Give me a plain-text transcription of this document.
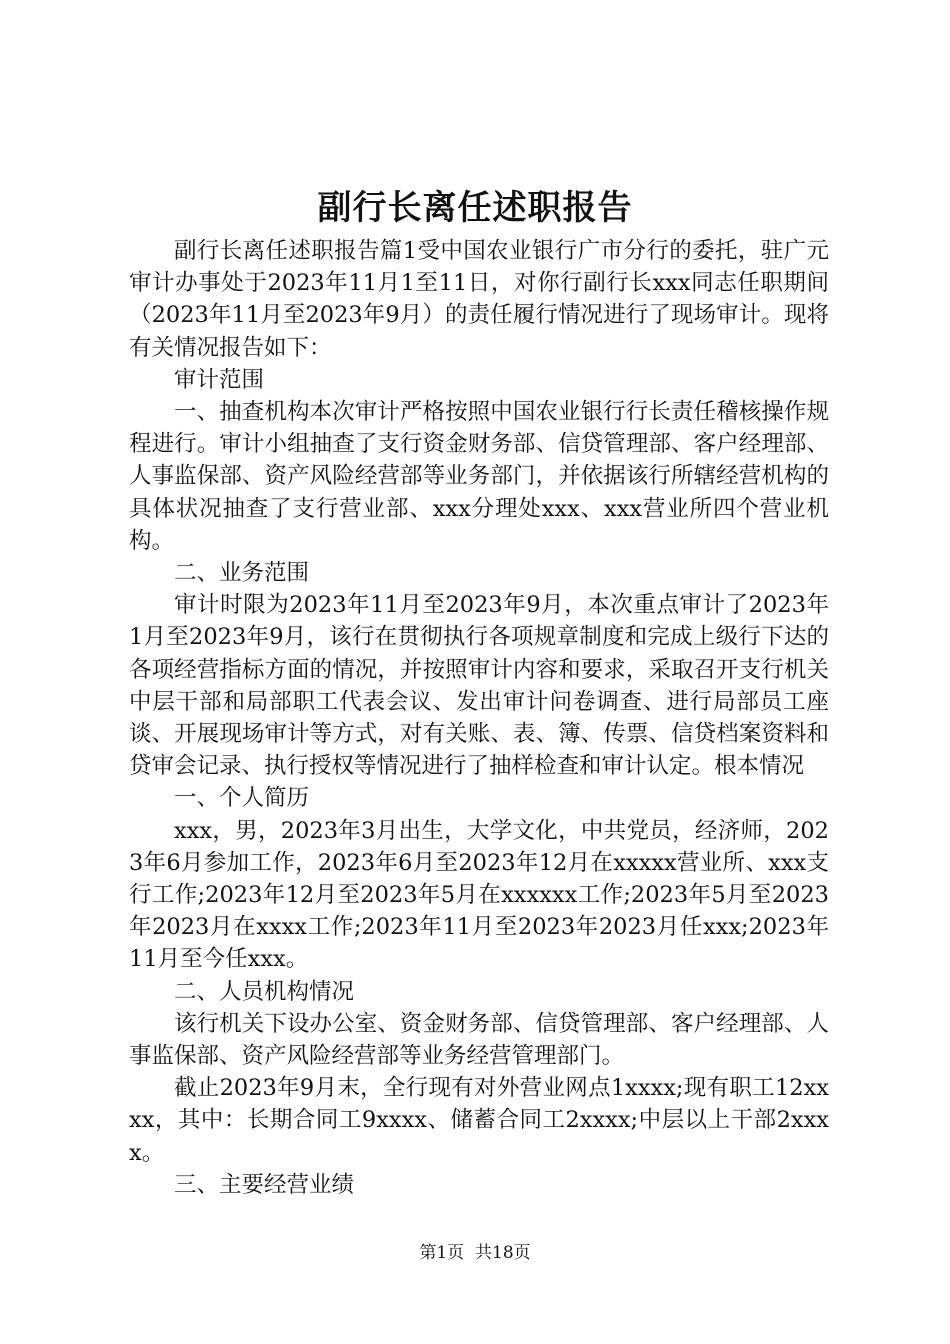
副行长离任述职报告

副行长离任述职报告篇1受中国农业银行广市分行的委托，驻广元审计办事处于2023年11月1至11日，对你行副行长xxx同志任职期间（2023年11月至2023年9月）的责任履行情况进行了现场审计。现将有关情况报告如下：

审计范围

一、抽查机构本次审计严格按照中国农业银行行长责任稽核操作规程进行。审计小组抽查了支行资金财务部、信贷管理部、客户经理部、人事监保部、资产风险经营部等业务部门，并依据该行所辖经营机构的具体状况抽查了支行营业部、xxx分理处xxx、xxx营业所四个营业机构。

二、业务范围

审计时限为2023年11月至2023年9月，本次重点审计了2023年1月至2023年9月，该行在贯彻执行各项规章制度和完成上级行下达的各项经营指标方面的情况，并按照审计内容和要求，采取召开支行机关中层干部和局部职工代表会议、发出审计问卷调查、进行局部员工座谈、开展现场审计等方式，对有关账、表、簿、传票、信贷档案资料和贷审会记录、执行授权等情况进行了抽样检查和审计认定。根本情况

一、个人简历

xxx，男，2023年3月出生，大学文化，中共党员，经济师，2023年6月参加工作，2023年6月至2023年12月在xxxxx营业所、xxx支行工作;2023年12月至2023年5月在xxxxxx工作;2023年5月至2023年2023月在xxxx工作;2023年11月至2023年2023月任xxx;2023年11月至今任xxx。

二、人员机构情况

该行机关下设办公室、资金财务部、信贷管理部、客户经理部、人事监保部、资产风险经营部等业务经营管理部门。

截止2023年9月末，全行现有对外营业网点1xxxx;现有职工12xxxx，其中：长期合同工9xxxx、储蓄合同工2xxxx;中层以上干部2xxxx。

三、主要经营业绩

第1页 共18页
